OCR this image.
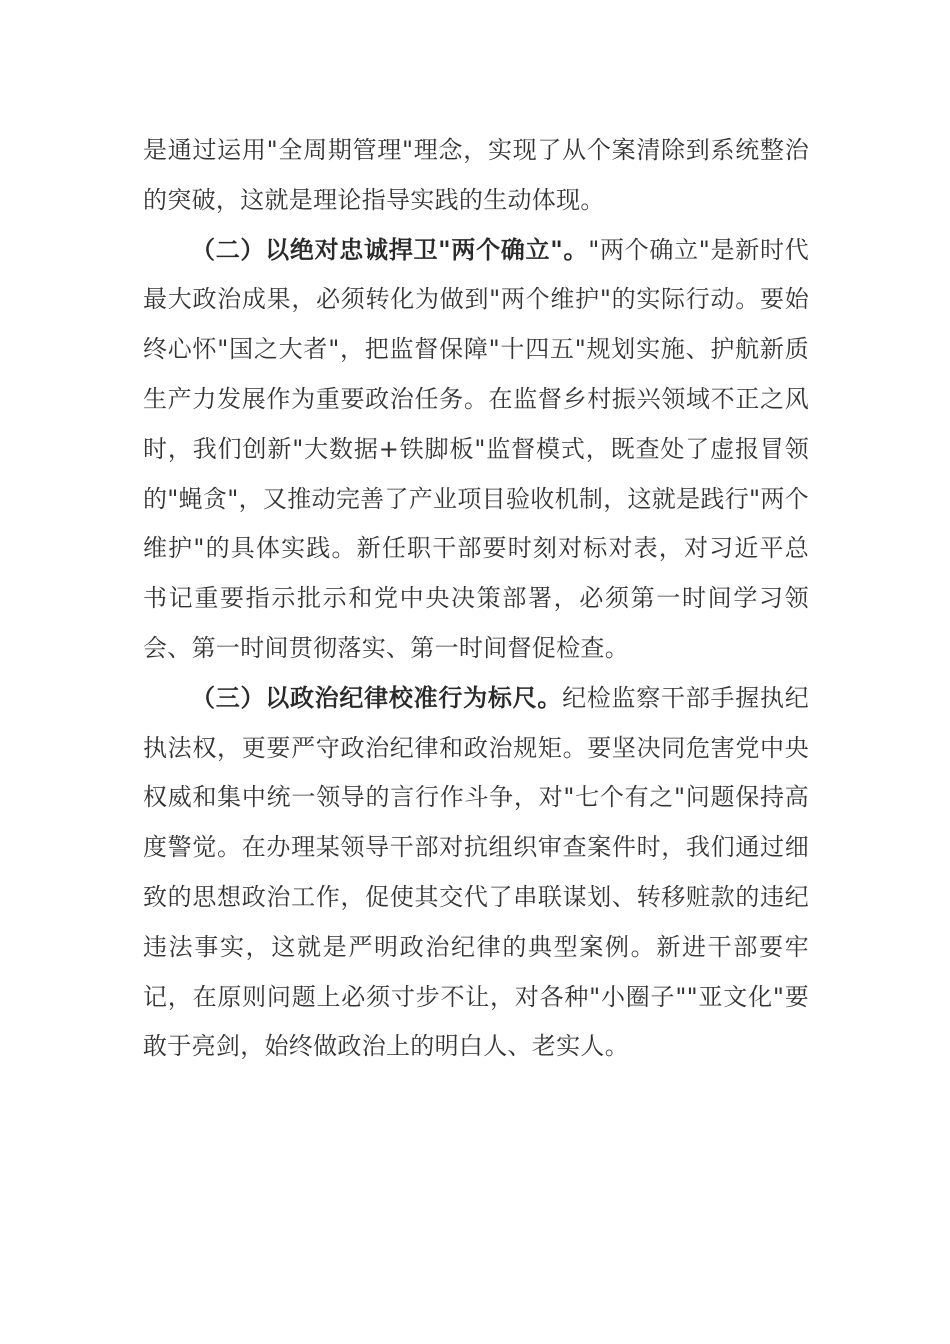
是通过运用"全周期管理"理念，实现了从个案清除到系统整治的突破，这就是理论指导实践的生动体现。

（二）以绝对忠诚捍卫"两个确立"。"两个确立"是新时代最大政治成果，必须转化为做到"两个维护"的实际行动。要始终心怀"国之大者"，把监督保障"十四五"规划实施、护航新质生产力发展作为重要政治任务。在监督乡村振兴领域不正之风时，我们创新"大数据+铁脚板"监督模式，既查处了虚报冒领的"蝇贪"，又推动完善了产业项目验收机制，这就是践行"两个维护"的具体实践。新任职干部要时刻对标对表，对习近平总书记重要指示批示和党中央决策部署，必须第一时间学习领会、第一时间贯彻落实、第一时间督促检查。

（三）以政治纪律校准行为标尺。纪检监察干部手握执纪执法权，更要严守政治纪律和政治规矩。要坚决同危害党中央权威和集中统一领导的言行作斗争，对"七个有之"问题保持高度警觉。在办理某领导干部对抗组织审查案件时，我们通过细致的思想政治工作，促使其交代了串联谋划、转移赃款的违纪违法事实，这就是严明政治纪律的典型案例。新进干部要牢记，在原则问题上必须寸步不让，对各种"小圈子""亚文化"要敢于亮剑，始终做政治上的明白人、老实人。
